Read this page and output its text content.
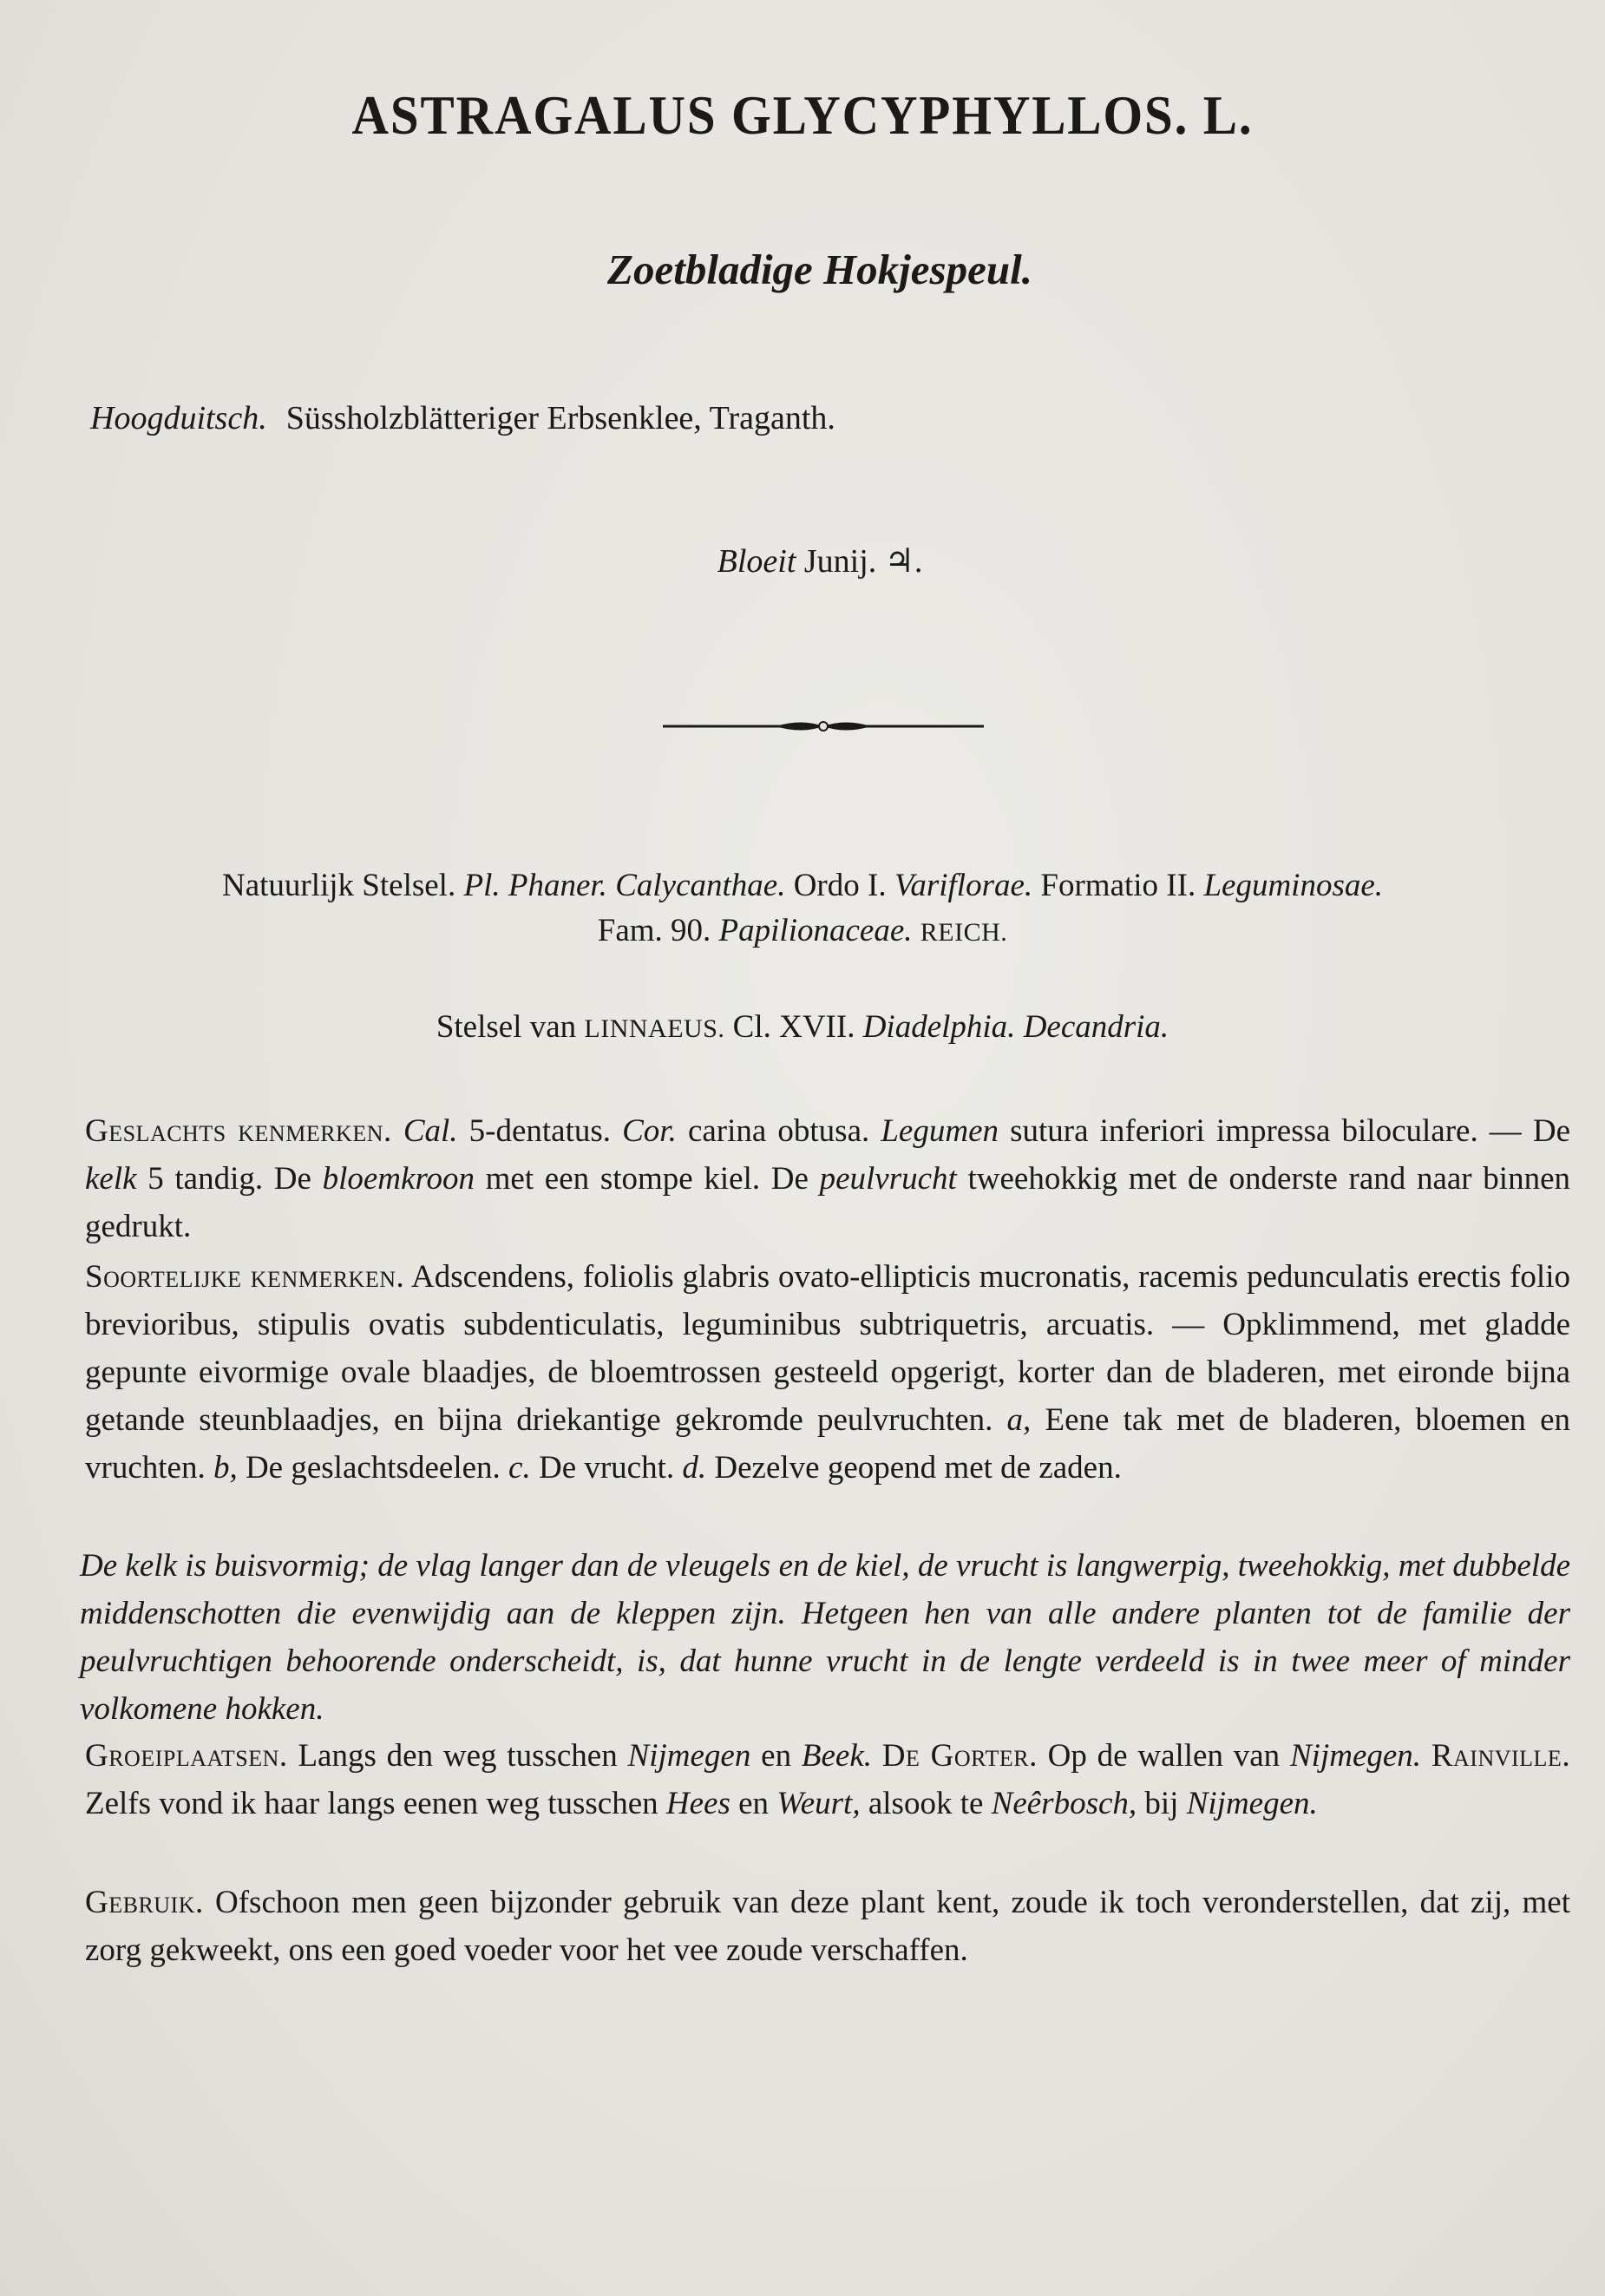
ASTRAGALUS GLYCYPHYLLOS. L.
Zoetbladige Hokjespeul.
Hoogduitsch. Süssholzblätteriger Erbsenklee, Traganth.
Bloeit Junij. ♃.
Natuurlijk Stelsel. Pl. Phaner. Calycanthae. Ordo I. Variflorae. Formatio II. Leguminosae.
Fam. 90. Papilionaceae. REICH.
Stelsel van LINNAEUS. Cl. XVII. Diadelphia. Decandria.

Geslachts kenmerken. Cal. 5-dentatus. Cor. carina obtusa. Legumen sutura inferiori impressa biloculare. — De kelk 5 tandig. De bloemkroon met een stompe kiel. De peulvrucht tweehokkig met de onderste rand naar binnen gedrukt.

Soortelijke kenmerken. Adscendens, foliolis glabris ovato-ellipticis mucronatis, racemis pedunculatis erectis folio brevioribus, stipulis ovatis subdenticulatis, leguminibus subtriquetris, arcuatis. — Opklimmend, met gladde gepunte eivormige ovale blaadjes, de bloemtrossen gesteeld opgerigt, korter dan de bladeren, met eironde bijna getande steunblaadjes, en bijna driekantige gekromde peulvruchten. a, Eene tak met de bladeren, bloemen en vruchten. b, De geslachtsdeelen. c. De vrucht. d. Dezelve geopend met de zaden.

De kelk is buisvormig; de vlag langer dan de vleugels en de kiel, de vrucht is langwerpig, tweehokkig, met dubbelde middenschotten die evenwijdig aan de kleppen zijn. Hetgeen hen van alle andere planten tot de familie der peulvruchtigen behoorende onderscheidt, is, dat hunne vrucht in de lengte verdeeld is in twee meer of minder volkomene hokken.

Groeiplaatsen. Langs den weg tusschen Nijmegen en Beek. De Gorter. Op de wallen van Nijmegen. Rainville. Zelfs vond ik haar langs eenen weg tusschen Hees en Weurt, alsook te Neêrbosch, bij Nijmegen.

Gebruik. Ofschoon men geen bijzonder gebruik van deze plant kent, zoude ik toch veronderstellen, dat zij, met zorg gekweekt, ons een goed voeder voor het vee zoude verschaffen.
